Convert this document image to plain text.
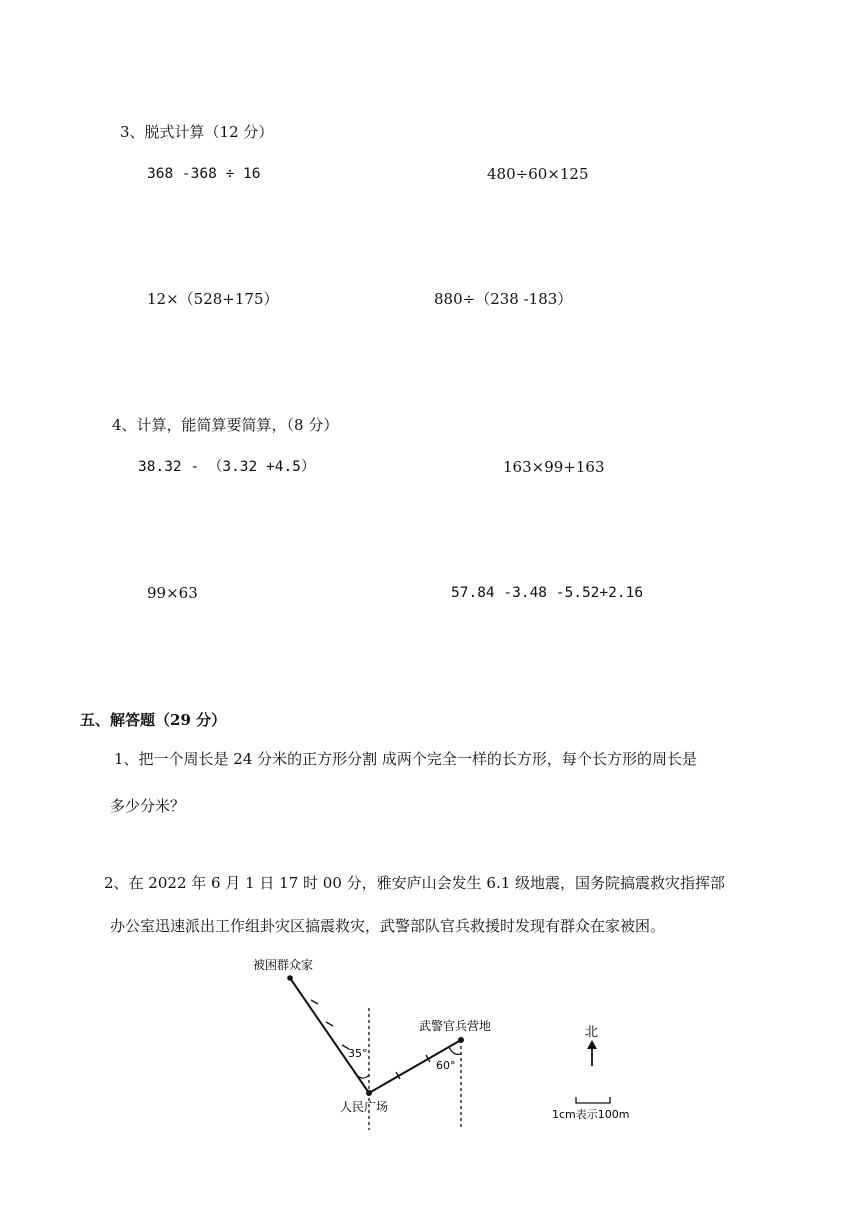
3、脱式计算（12 分）
368 -368 ÷ 16	480÷60×125
12×（528+175）	880÷（238 -183）
4、计算，能简算要简算，（8 分）
38.32 - （3.32 +4.5）	163×99+163
99×63	57.84 -3.48 -5.52+2.16
五、解答题（29 分）
1、把一个周长是 24 分米的正方形分割 成两个完全一样的长方形，每个长方形的周长是
多少分米？
2、在 2022 年 6 月 1 日 17 时 00 分，雅安庐山会发生 6.1 级地震，国务院搞震救灾指挥部
办公室迅速派出工作组卦灾区搞震救灾，武警部队官兵救援时发现有群众在家被困。
被困群众家
武警官兵营地
人民广场
35°
60°
北
1cm表示100m
